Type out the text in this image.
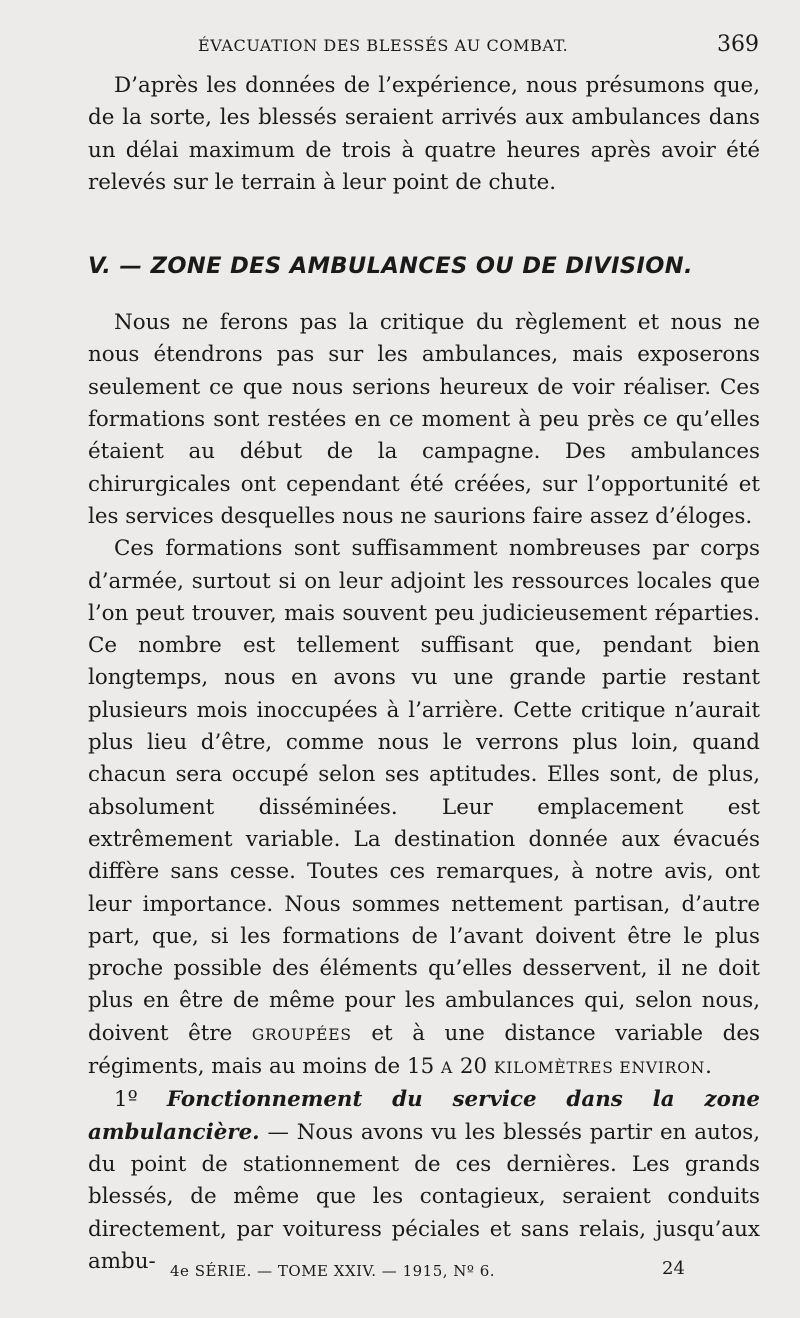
ÉVACUATION DES BLESSÉS AU COMBAT.	369

D’après les données de l’expérience, nous présumons que, de la sorte, les blessés seraient arrivés aux ambulances dans un délai maximum de trois à quatre heures après avoir été relevés sur le terrain à leur point de chute.

V. — ZONE DES AMBULANCES OU DE DIVISION.

Nous ne ferons pas la critique du règlement et nous ne nous étendrons pas sur les ambulances, mais exposerons seulement ce que nous serions heureux de voir réaliser. Ces formations sont restées en ce moment à peu près ce qu’elles étaient au début de la campagne. Des ambulances chirurgicales ont cependant été créées, sur l’opportunité et les services desquelles nous ne saurions faire assez d’éloges.

Ces formations sont suffisamment nombreuses par corps d’armée, surtout si on leur adjoint les ressources locales que l’on peut trouver, mais souvent peu judicieusement réparties. Ce nombre est tellement suffisant que, pendant bien longtemps, nous en avons vu une grande partie restant plusieurs mois inoccupées à l’arrière. Cette critique n’aurait plus lieu d’être, comme nous le verrons plus loin, quand chacun sera occupé selon ses aptitudes. Elles sont, de plus, absolument disséminées. Leur emplacement est extrêmement variable. La destination donnée aux évacués diffère sans cesse. Toutes ces remarques, à notre avis, ont leur importance. Nous sommes nettement partisan, d’autre part, que, si les formations de l’avant doivent être le plus proche possible des éléments qu’elles desservent, il ne doit plus en être de même pour les ambulances qui, selon nous, doivent être GROUPÉES et à une distance variable des régiments, mais au moins de 15 A 20 KILOMÈTRES ENVIRON.

1º Fonctionnement du service dans la zone ambulancière. — Nous avons vu les blessés partir en autos, du point de stationnement de ces dernières. Les grands blessés, de même que les contagieux, seraient conduits directement, par voituress péciales et sans relais, jusqu’aux ambu- 4e SÉRIE. — TOME XXIV. — 1915, Nº 6.	24
